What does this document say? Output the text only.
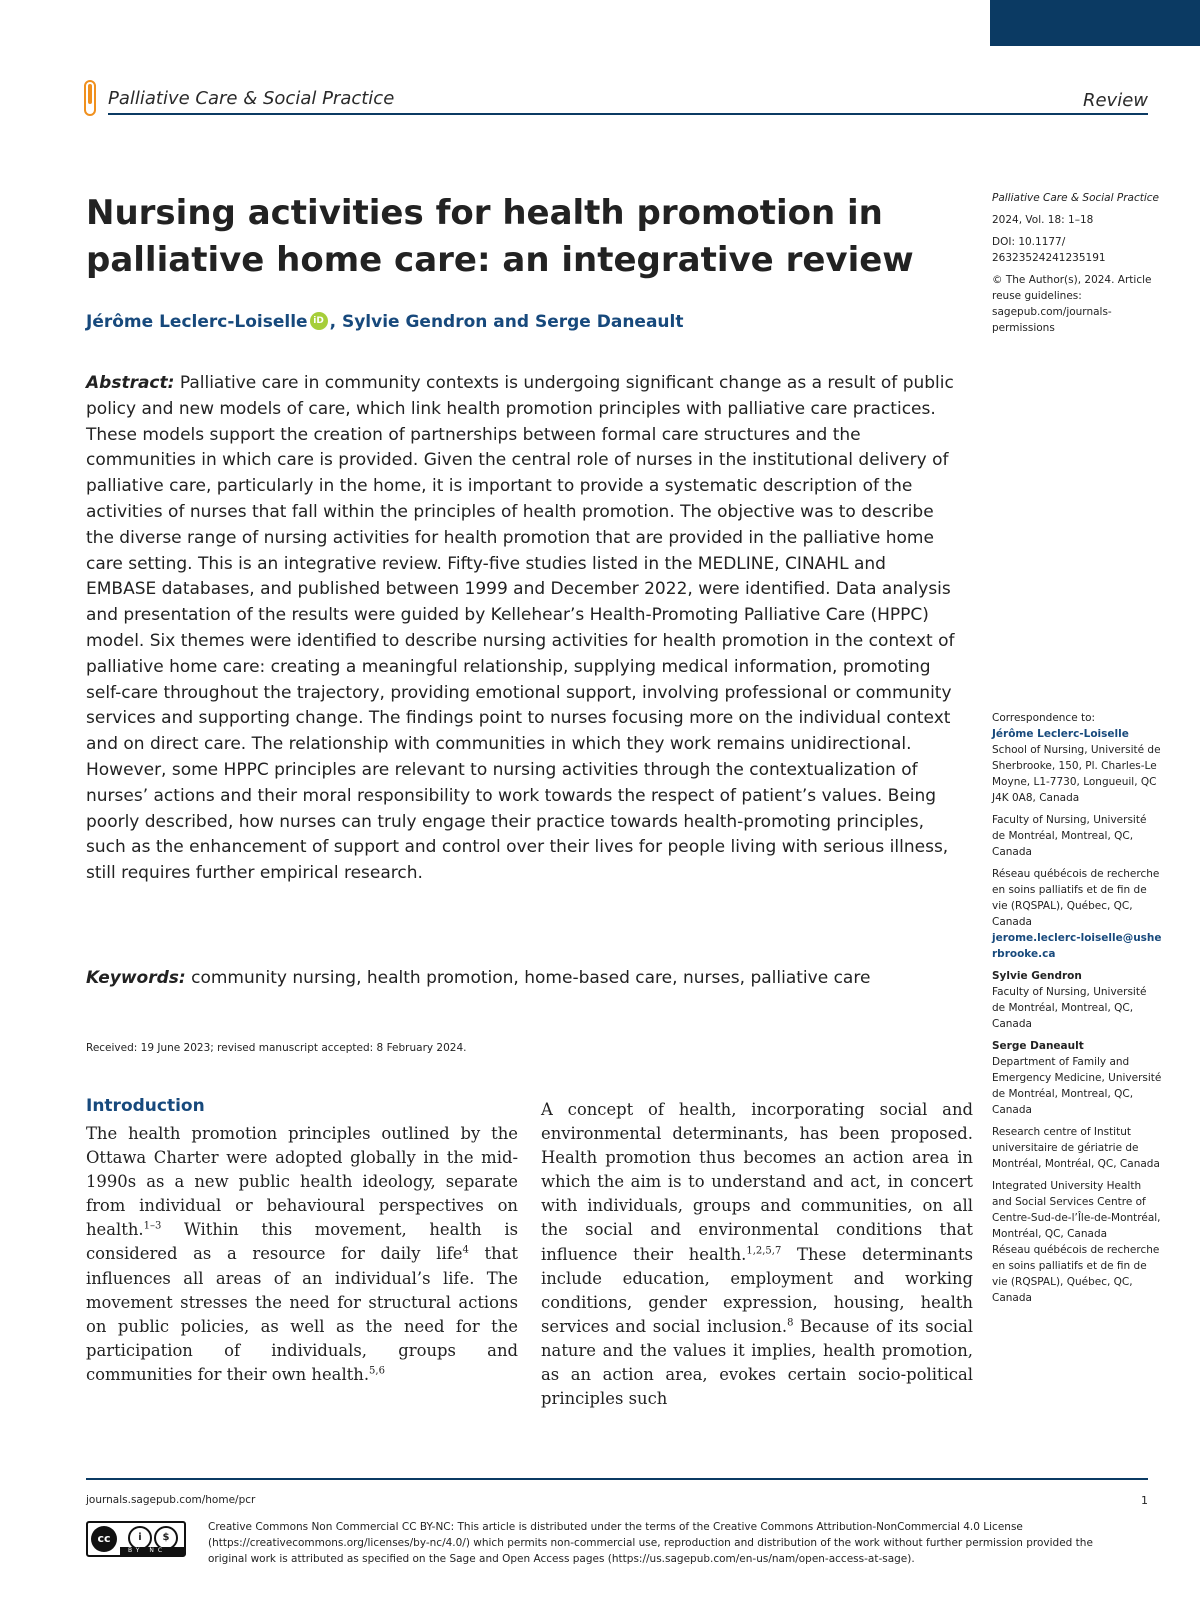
Palliative Care & Social Practice	Review
Nursing activities for health promotion in palliative home care: an integrative review
Jérôme Leclerc-Loiselle iD , Sylvie Gendron and Serge Daneault
Abstract: Palliative care in community contexts is undergoing significant change as a result of public policy and new models of care, which link health promotion principles with palliative care practices. These models support the creation of partnerships between formal care structures and the communities in which care is provided. Given the central role of nurses in the institutional delivery of palliative care, particularly in the home, it is important to provide a systematic description of the activities of nurses that fall within the principles of health promotion. The objective was to describe the diverse range of nursing activities for health promotion that are provided in the palliative home care setting. This is an integrative review. Fifty-five studies listed in the MEDLINE, CINAHL and EMBASE databases, and published between 1999 and December 2022, were identified. Data analysis and presentation of the results were guided by Kellehear’s Health-Promoting Palliative Care (HPPC) model. Six themes were identified to describe nursing activities for health promotion in the context of palliative home care: creating a meaningful relationship, supplying medical information, promoting self-care throughout the trajectory, providing emotional support, involving professional or community services and supporting change. The findings point to nurses focusing more on the individual context and on direct care. The relationship with communities in which they work remains unidirectional. However, some HPPC principles are relevant to nursing activities through the contextualization of nurses’ actions and their moral responsibility to work towards the respect of patient’s values. Being poorly described, how nurses can truly engage their practice towards health-promoting principles, such as the enhancement of support and control over their lives for people living with serious illness, still requires further empirical research.
Keywords: community nursing, health promotion, home-based care, nurses, palliative care
Received: 19 June 2023; revised manuscript accepted: 8 February 2024.
Introduction
The health promotion principles outlined by the Ottawa Charter were adopted globally in the mid-1990s as a new public health ideology, separate from individual or behavioural perspectives on health.$^{1-3}$ Within this movement, health is considered as a resource for daily life$^4$ that influences all areas of an individual’s life. The movement stresses the need for structural actions on public policies, as well as the need for the participation of individuals, groups and communities for their own health.$^{5,6}$
A concept of health, incorporating social and environmental determinants, has been proposed. Health promotion thus becomes an action area in which the aim is to understand and act, in concert with individuals, groups and communities, on all the social and environmental conditions that influence their health.$^{1,2,5,7}$ These determinants include education, employment and working conditions, gender expression, housing, health services and social inclusion.$^8$ Because of its social nature and the values it implies, health promotion, as an action area, evokes certain socio-political principles such

Palliative Care & Social Practice

2024, Vol. 18: 1–18

DOI: 10.1177/ 26323524241235191

© The Author(s), 2024. Article reuse guidelines: sagepub.com/journals-permissions

Correspondence to:
Jérôme Leclerc-Loiselle

School of Nursing, Université de Sherbrooke, 150, Pl. Charles-Le Moyne, L1-7730, Longueuil, QC J4K 0A8, Canada

Faculty of Nursing, Université de Montréal, Montreal, QC, Canada

Réseau québécois de recherche en soins palliatifs et de fin de vie (RQSPAL), Québec, QC, Canada

jerome.leclerc-loiselle@usherbrooke.ca

Sylvie Gendron

Faculty of Nursing, Université de Montréal, Montreal, QC, Canada

Serge Daneault

Department of Family and Emergency Medicine, Université de Montréal, Montreal, QC, Canada

Research centre of Institut universitaire de gériatrie de Montréal, Montréal, QC, Canada

Integrated University Health and Social Services Centre of Centre-Sud-de-l’Île-de-Montréal, Montréal, QC, Canada
Réseau québécois de recherche en soins palliatifs et de fin de vie (RQSPAL), Québec, QC, Canada
journals.sagepub.com/home/pcr	1
cc	i	$
BY NC
Creative Commons Non Commercial CC BY-NC: This article is distributed under the terms of the Creative Commons Attribution-NonCommercial 4.0 License (https://creativecommons.org/licenses/by-nc/4.0/) which permits non-commercial use, reproduction and distribution of the work without further permission provided the original work is attributed as specified on the Sage and Open Access pages (https://us.sagepub.com/en-us/nam/open-access-at-sage).
